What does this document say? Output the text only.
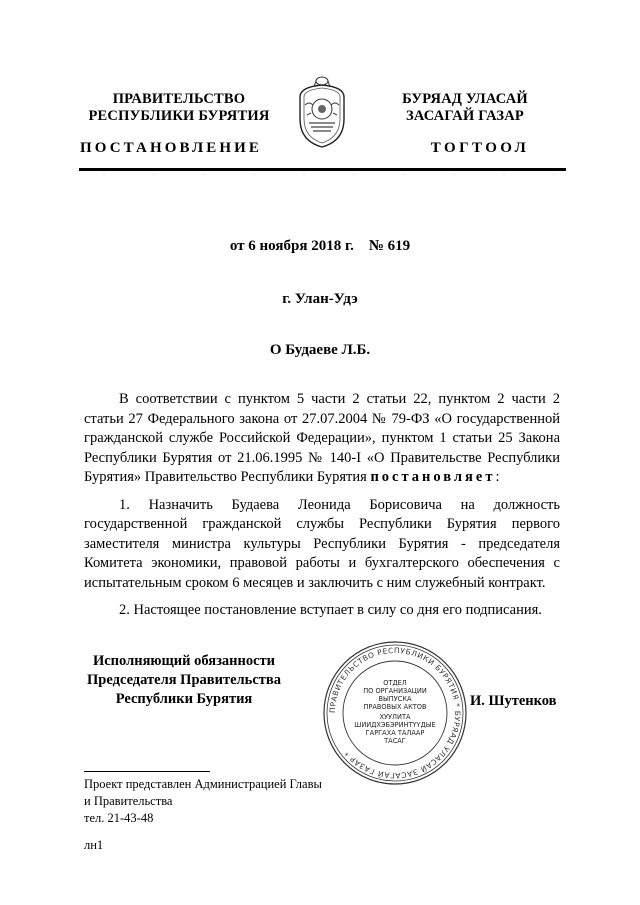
ПРАВИТЕЛЬСТВО
РЕСПУБЛИКИ БУРЯТИЯ
БУРЯАД УЛАСАЙ
ЗАСАГАЙ ГАЗАР
ПОСТАНОВЛЕНИЕ	ТОГТООЛ
от 6 ноября 2018 г.    № 619
г. Улан-Удэ
О Будаеве Л.Б.

В соответствии с пунктом 5 части 2 статьи 22, пунктом 2 части 2 статьи 27 Федерального закона от 27.07.2004 № 79-ФЗ «О государственной гражданской службе Российской Федерации», пунктом 1 статьи 25 Закона Республики Бурятия от 21.06.1995 № 140-I «О Правительстве Республики Бурятия» Правительство Республики Бурятия постановляет:

1. Назначить Будаева Леонида Борисовича на должность государственной гражданской службы Республики Бурятия первого заместителя министра культуры Республики Бурятия - председателя Комитета экономики, правовой работы и бухгалтерского обеспечения с испытательным сроком 6 месяцев и заключить с ним служебный контракт.

2. Настоящее постановление вступает в силу со дня его подписания.

Исполняющий обязанности
Председателя Правительства
Республики Бурятия
ПРАВИТЕЛЬСТВО РЕСПУБЛИКИ БУРЯТИЯ * БУРЯАД УЛАСАЙ ЗАСАГАЙ ГАЗАР *
ОТДЕЛ
ПО ОРГАНИЗАЦИИ
ВЫПУСКА
ПРАВОВЫХ АКТОВ
ХУУЛИТА
ШИИДХЭБЭРИНТҮҮДЫЕ
ГАРГАХА ТАЛААР
ТАСАГ
И. Шутенков
Проект представлен Администрацией Главы
и Правительства
тел. 21-43-48
лн1
